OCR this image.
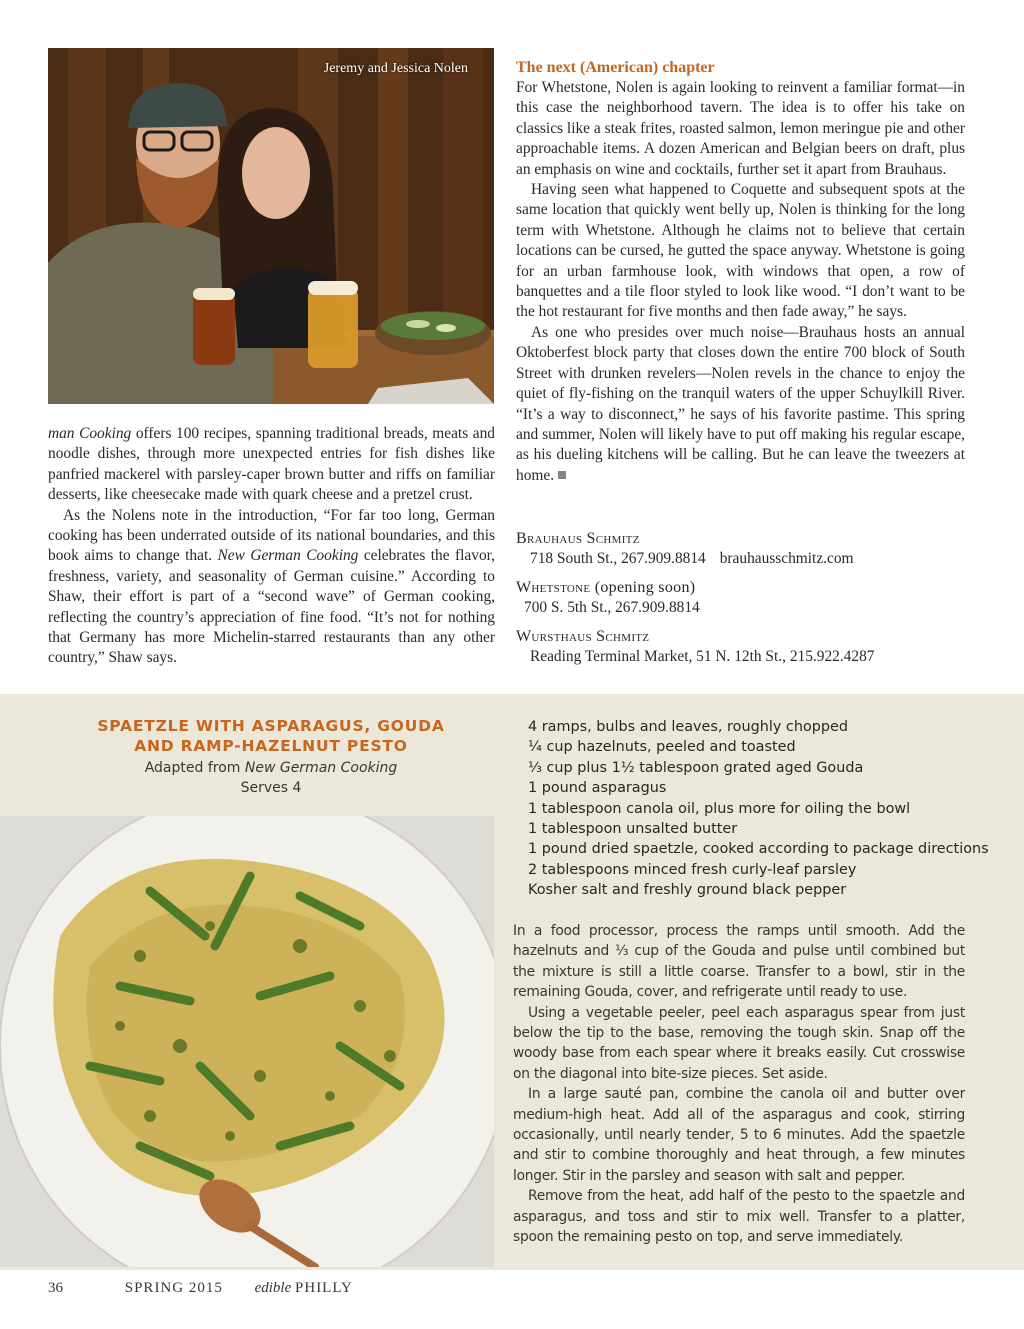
Jeremy and Jessica Nolen

man Cooking offers 100 recipes, spanning traditional breads, meats and noodle dishes, through more unexpected entries for fish dishes like panfried mackerel with parsley-caper brown butter and riffs on familiar desserts, like cheesecake made with quark cheese and a pretzel crust.

As the Nolens note in the introduction, “For far too long, German cooking has been underrated outside of its national boundaries, and this book aims to change that. New German Cooking celebrates the flavor, freshness, variety, and seasonality of German cuisine.” According to Shaw, their effort is part of a “second wave” of German cooking, reflecting the country’s appreciation of fine food. “It’s not for nothing that Germany has more Michelin-starred restaurants than any other country,” Shaw says.

The next (American) chapter

For Whetstone, Nolen is again looking to reinvent a familiar format—in this case the neighborhood tavern. The idea is to offer his take on classics like a steak frites, roasted salmon, lemon meringue pie and other approachable items. A dozen American and Belgian beers on draft, plus an emphasis on wine and cocktails, further set it apart from Brauhaus.

Having seen what happened to Coquette and subsequent spots at the same location that quickly went belly up, Nolen is thinking for the long term with Whetstone. Although he claims not to believe that certain locations can be cursed, he gutted the space anyway. Whetstone is going for an urban farmhouse look, with windows that open, a row of banquettes and a tile floor styled to look like wood. “I don’t want to be the hot restaurant for five months and then fade away,” he says.

As one who presides over much noise—Brauhaus hosts an annual Oktoberfest block party that closes down the entire 700 block of South Street with drunken revelers—Nolen revels in the chance to enjoy the quiet of fly-fishing on the tranquil waters of the upper Schuylkill River. “It’s a way to disconnect,” he says of his favorite pastime. This spring and summer, Nolen will likely have to put off making his regular escape, as his dueling kitchens will be calling. But he can leave the tweezers at home.

Brauhaus Schmitz
718 South St., 267.909.8814 brauhausschmitz.com
Whetstone (opening soon)
700 S. 5th St., 267.909.8814
Wursthaus Schmitz
Reading Terminal Market, 51 N. 12th St., 215.922.4287
SPAETZLE WITH ASPARAGUS, GOUDA
AND RAMP-HAZELNUT PESTO
Adapted from New German Cooking
Serves 4
4 ramps, bulbs and leaves, roughly chopped
¼ cup hazelnuts, peeled and toasted
⅓ cup plus 1½ tablespoon grated aged Gouda
1 pound asparagus
1 tablespoon canola oil, plus more for oiling the bowl
1 tablespoon unsalted butter
1 pound dried spaetzle, cooked according to package directions
2 tablespoons minced fresh curly-leaf parsley
Kosher salt and freshly ground black pepper

In a food processor, process the ramps until smooth. Add the hazelnuts and ⅓ cup of the Gouda and pulse until combined but the mixture is still a little coarse. Transfer to a bowl, stir in the remaining Gouda, cover, and refrigerate until ready to use.

Using a vegetable peeler, peel each asparagus spear from just below the tip to the base, removing the tough skin. Snap off the woody base from each spear where it breaks easily. Cut crosswise on the diagonal into bite-size pieces. Set aside.

In a large sauté pan, combine the canola oil and butter over medium-high heat. Add all of the asparagus and cook, stirring occasionally, until nearly tender, 5 to 6 minutes. Add the spaetzle and stir to combine thoroughly and heat through, a few minutes longer. Stir in the parsley and season with salt and pepper.

Remove from the heat, add half of the pesto to the spaetzle and asparagus, and toss and stir to mix well. Transfer to a platter, spoon the remaining pesto on top, and serve immediately.

36	SPRING 2015 edible PHILLY
